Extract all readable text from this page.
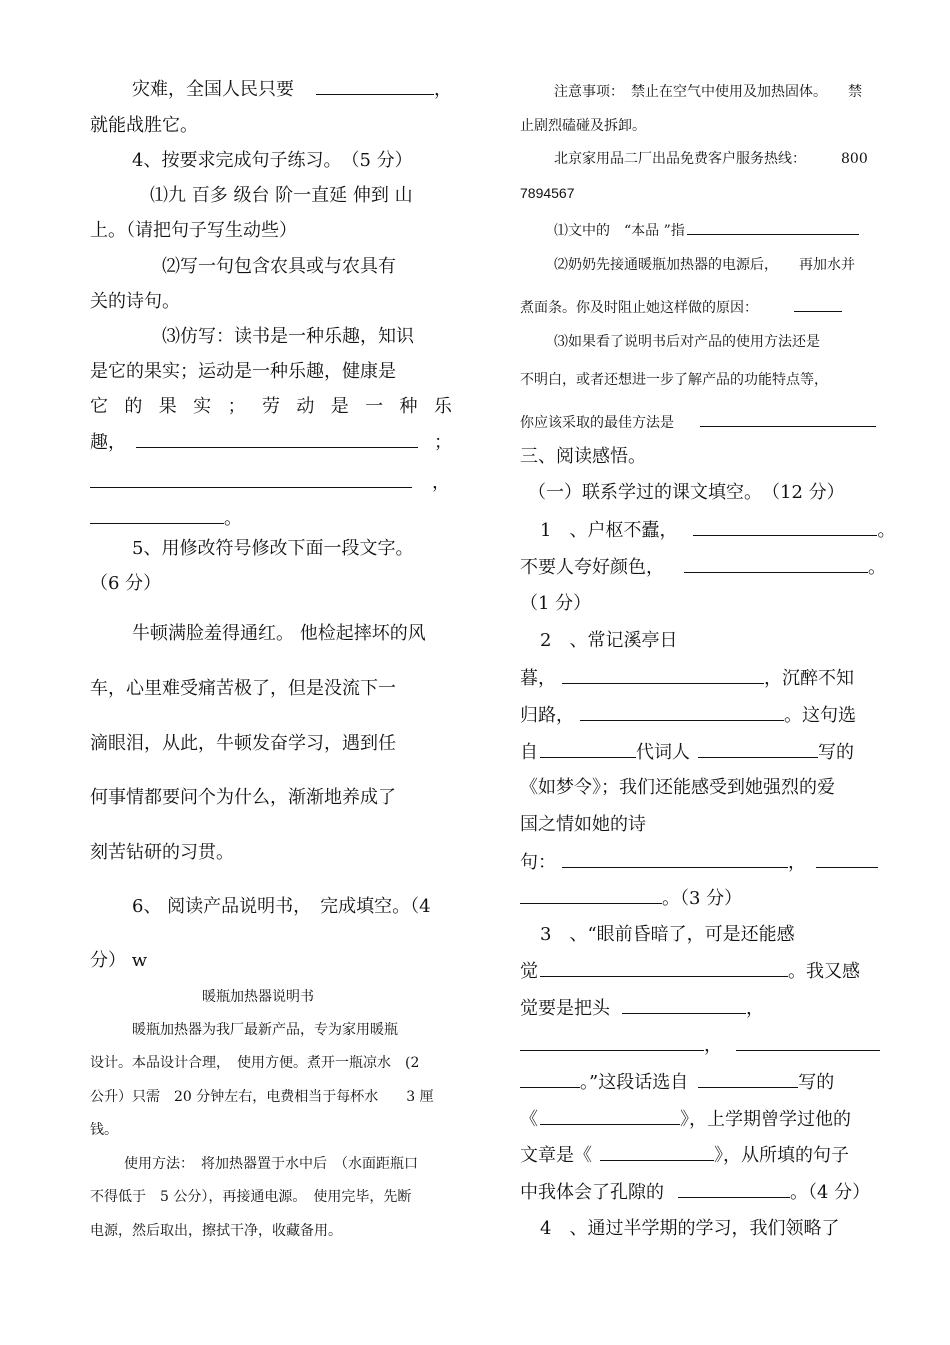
灾难，全国人民只要	，
就能战胜它。
4、按要求完成句子练习。　（5 分）
⑴九 百多 级台 阶一直延 伸到 山
上。（请把句子写生动些）
⑵写一句包含农具或与农具有
关的诗句。
⑶仿写：读书是一种乐趣，知识
是它的果实；运动是一种乐趣，健康是
它 的 果 实 ； 劳 动 是 一 种 乐
趣，	；
，
。
5、用修改符号修改下面一段文字。
（6 分）
牛顿满脸羞得通红。 他检起摔坏的风
车，心里难受痛苦极了，但是没流下一
滴眼泪，从此，牛顿发奋学习，遇到任
何事情都要问个为什么，渐渐地养成了
刻苦钻研的习贯。
6、 阅读产品说明书，　完成填空。（4
分） w
暖瓶加热器说明书
暖瓶加热器为我厂最新产品，专为家用暖瓶
设计。本品设计合理，　使用方便。煮开一瓶凉水　(2
公升）只需　20 分钟左右，电费相当于每杯水　　3 厘
钱。
使用方法：　将加热器置于水中后　（水面距瓶口
不得低于　5 公分），再接通电源。　使用完毕，先断
电源，然后取出，擦拭干净，收藏备用。
注意事项：　禁止在空气中使用及加热固体。　　禁
止剧烈磕碰及拆卸。
北京家用品二厂出品免费客户服务热线：　　　800
7894567
⑴文中的　“本品 ”指
⑵奶奶先接通暖瓶加热器的电源后，　　再加水并
煮面条。你及时阻止她这样做的原因：
⑶如果看了说明书后对产品的使用方法还是
不明白，或者还想进一步了解产品的功能特点等，
你应该采取的最佳方法是
三、阅读感悟。
（一）联系学过的课文填空。　（12 分）
1　、户枢不蠹，	。
不要人夸好颜色，	。
（1 分）
2　、常记溪亭日
暮，	，沉醉不知
归路，	。这句选
自	代词人	写的
《如梦令》；我们还能感受到她强烈的爱
国之情如她的诗
句：	，
。（3 分）
3　、“眼前昏暗了，可是还能感
觉	。我又感
觉要是把头	，
，
。”这段话选自	写的
《	》，上学期曾学过他的
文章是《	》，从所填的句子
中我体会了孔隙的	。（4 分）
4　、通过半学期的学习，我们领略了
